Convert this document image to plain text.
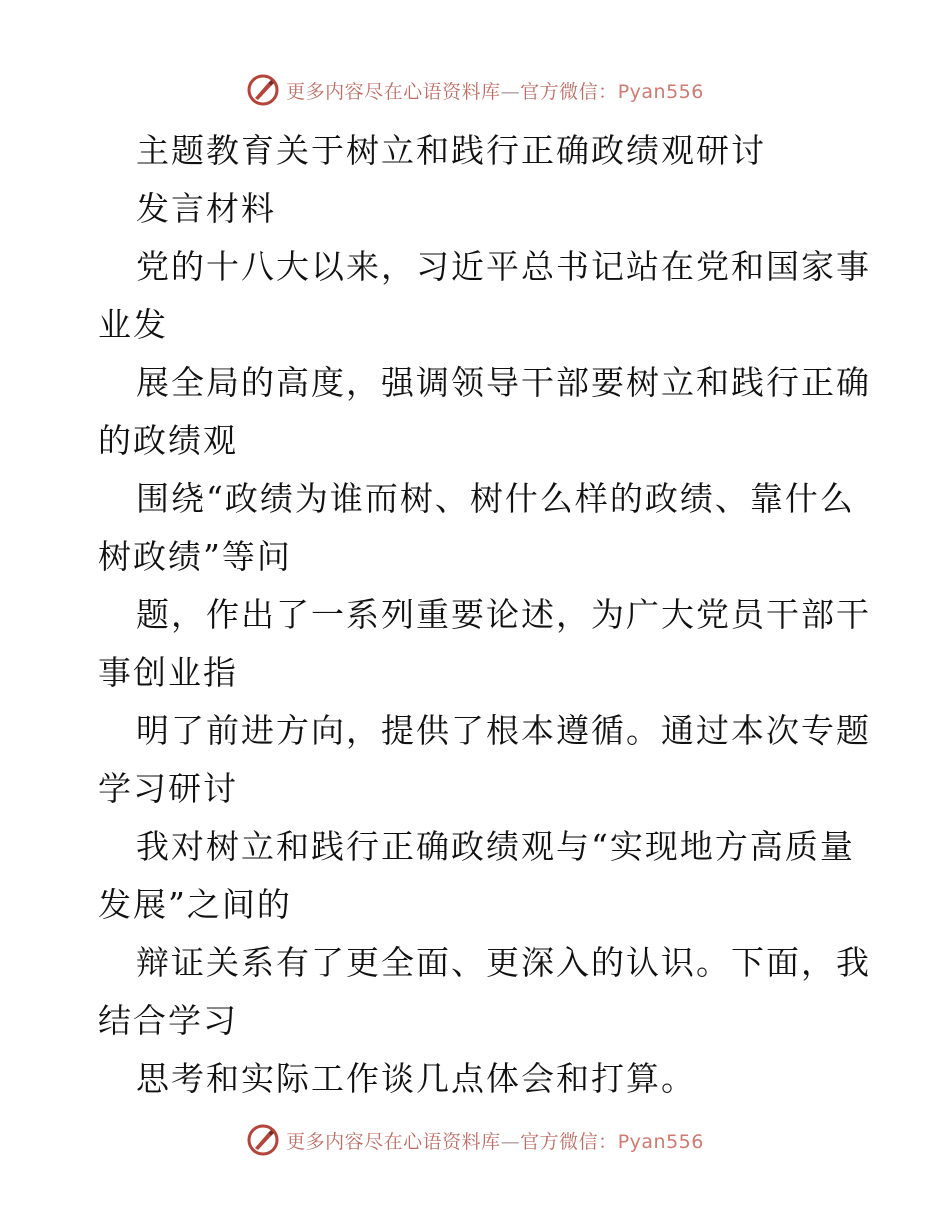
更多内容尽在心语资料库—官方微信：Pyan556
主题教育关于树立和践行正确政绩观研讨
发言材料
党的十八大以来，习近平总书记站在党和国家事
业发
展全局的高度，强调领导干部要树立和践行正确
的政绩观
围绕“政绩为谁而树、树什么样的政绩、靠什么
树政绩”等问
题，作出了一系列重要论述，为广大党员干部干
事创业指
明了前进方向，提供了根本遵循。通过本次专题
学习研讨
我对树立和践行正确政绩观与“实现地方高质量
发展”之间的
辩证关系有了更全面、更深入的认识。下面，我
结合学习
思考和实际工作谈几点体会和打算。
更多内容尽在心语资料库—官方微信：Pyan556
